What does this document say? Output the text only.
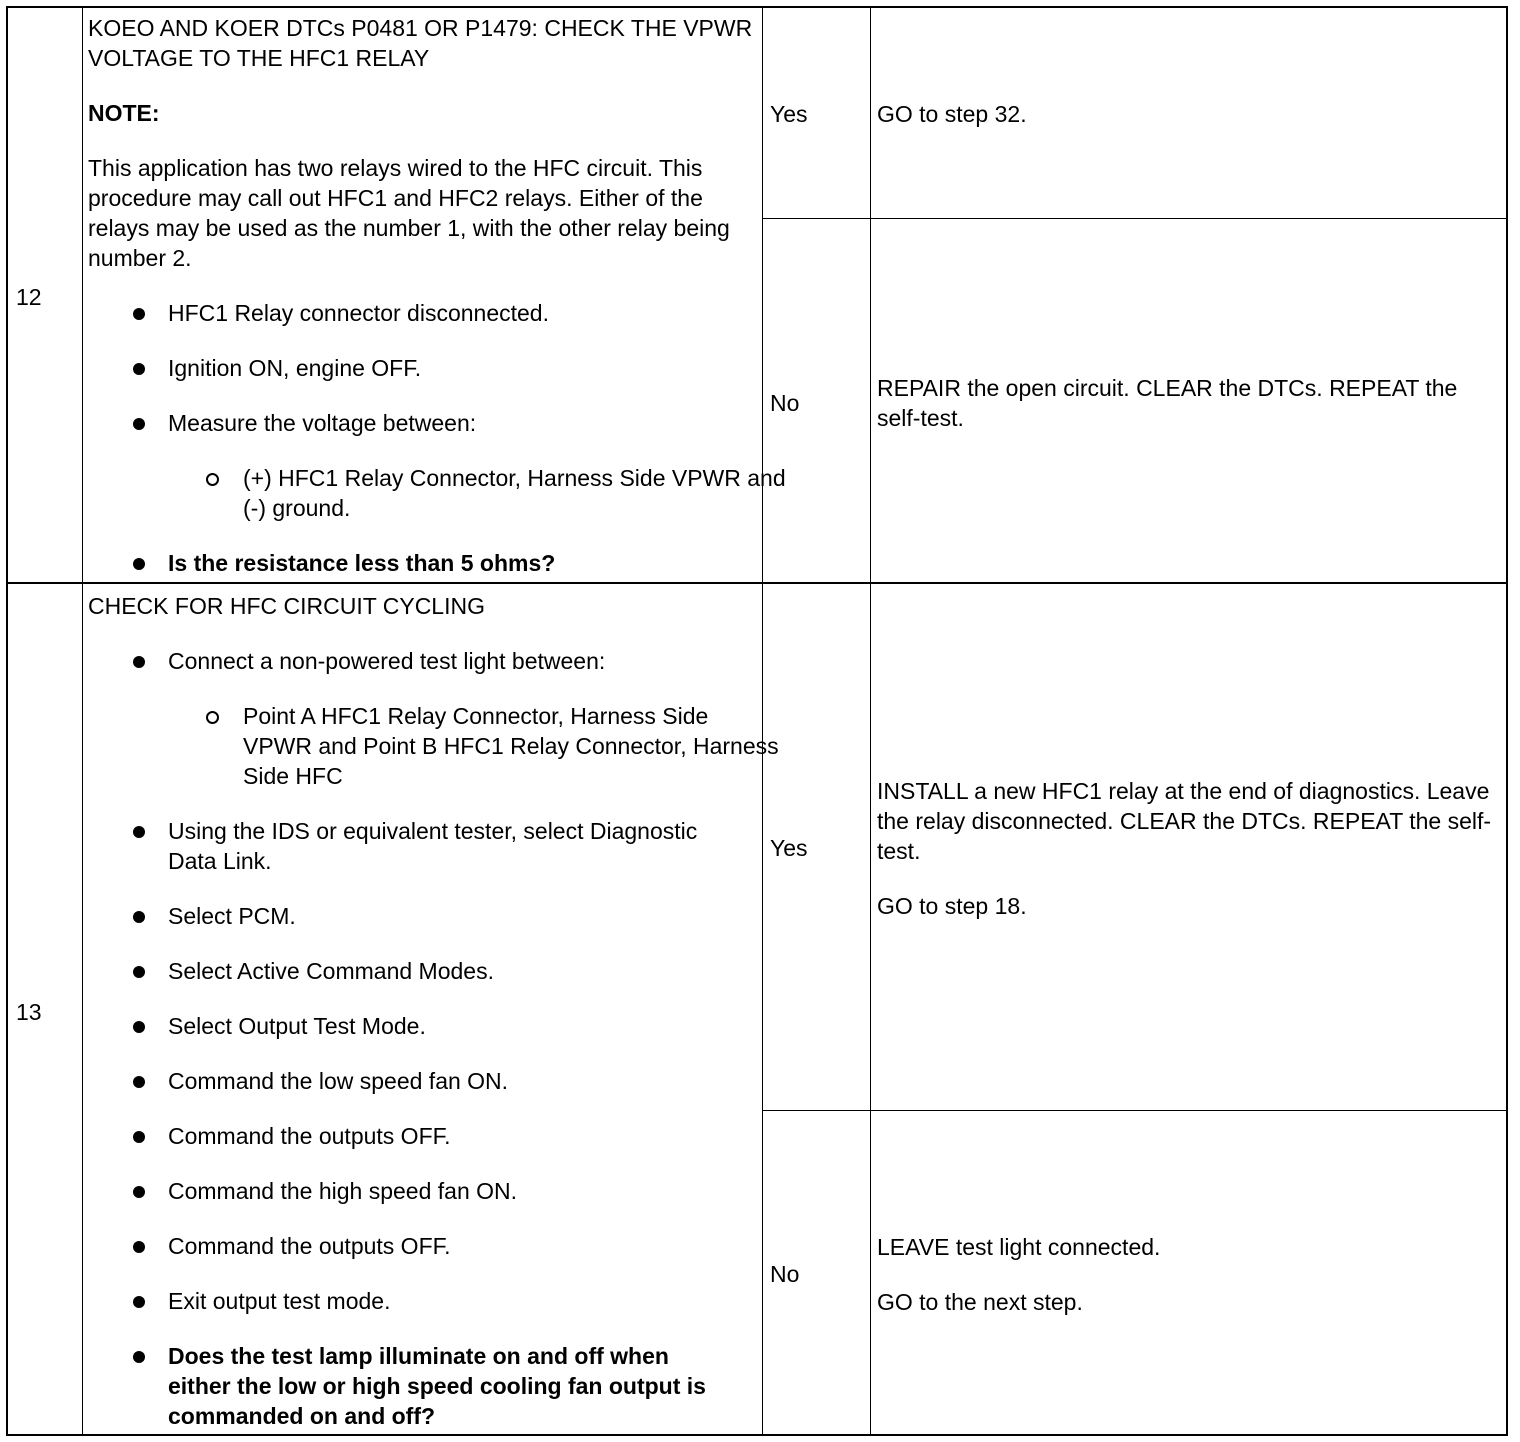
12
KOEO AND KOER DTCs P0481 OR P1479: CHECK THE VPWR VOLTAGE TO THE HFC1 RELAY
NOTE:
This application has two relays wired to the HFC circuit. This procedure may call out HFC1 and HFC2 relays. Either of the relays may be used as the number 1, with the other relay being number 2.
HFC1 Relay connector disconnected.
Ignition ON, engine OFF.
Measure the voltage between:
(+) HFC1 Relay Connector, Harness Side VPWR and (-) ground.
Is the resistance less than 5 ohms?
Yes	GO to step 32.
No
REPAIR the open circuit. CLEAR the DTCs. REPEAT the self-test.
13
CHECK FOR HFC CIRCUIT CYCLING
Connect a non-powered test light between:
Point A HFC1 Relay Connector, Harness Side VPWR and Point B HFC1 Relay Connector, Harness Side HFC
Using the IDS or equivalent tester, select Diagnostic Data Link.
Select PCM.
Select Active Command Modes.
Select Output Test Mode.
Command the low speed fan ON.
Command the outputs OFF.
Command the high speed fan ON.
Command the outputs OFF.
Exit output test mode.
Does the test lamp illuminate on and off when either the low or high speed cooling fan output is commanded on and off?
Yes
INSTALL a new HFC1 relay at the end of diagnostics. Leave the relay disconnected. CLEAR the DTCs. REPEAT the self-test.
GO to step 18.
No
LEAVE test light connected.
GO to the next step.
